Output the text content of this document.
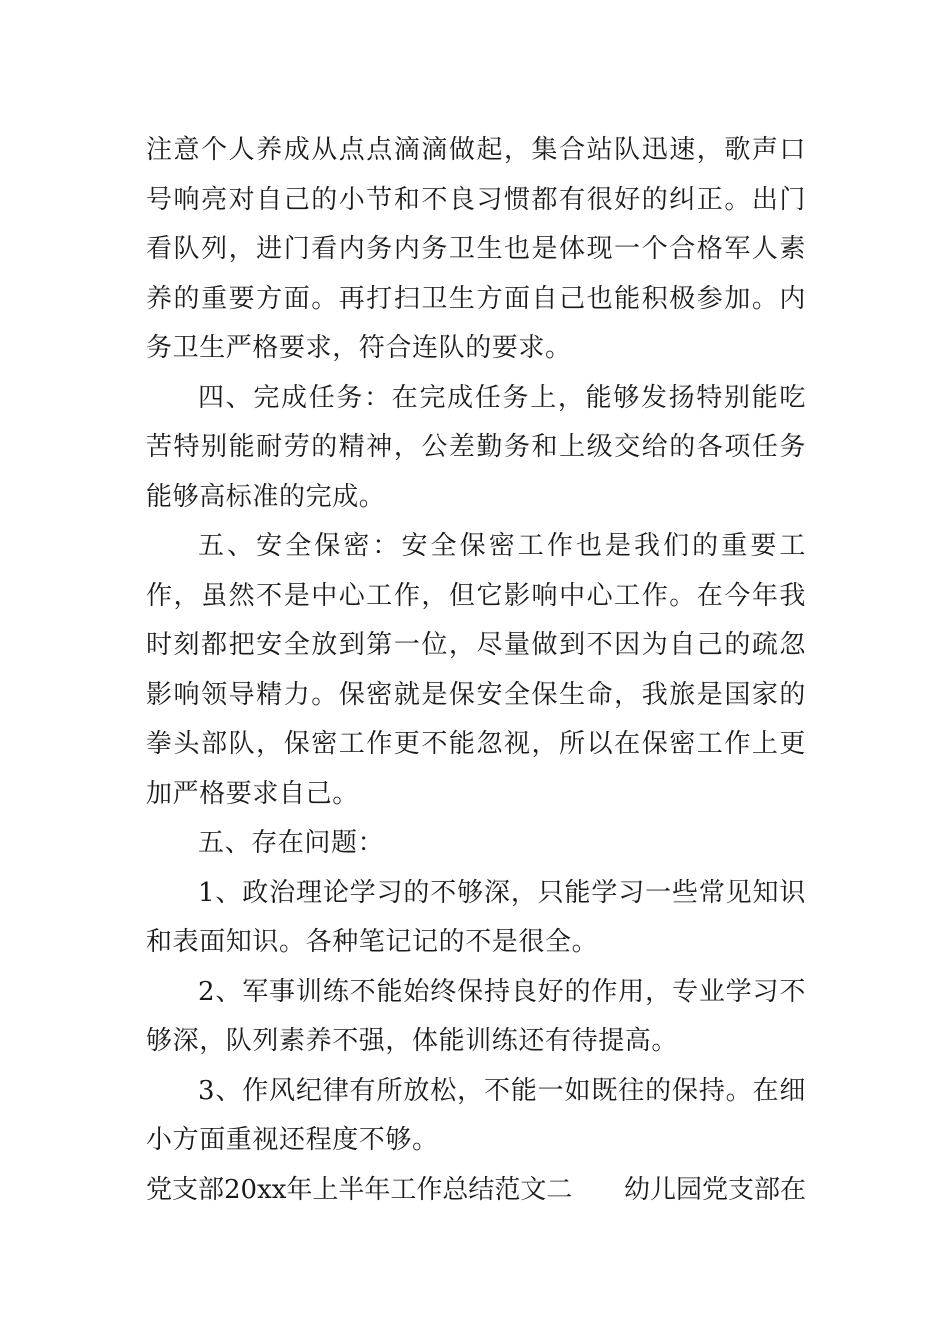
注意个人养成从点点滴滴做起，集合站队迅速，歌声口号响亮对自己的小节和不良习惯都有很好的纠正。出门看队列，进门看内务内务卫生也是体现一个合格军人素养的重要方面。再打扫卫生方面自己也能积极参加。内务卫生严格要求，符合连队的要求。

四、完成任务：在完成任务上，能够发扬特别能吃苦特别能耐劳的精神，公差勤务和上级交给的各项任务能够高标准的完成。

五、安全保密：安全保密工作也是我们的重要工作，虽然不是中心工作，但它影响中心工作。在今年我时刻都把安全放到第一位，尽量做到不因为自己的疏忽影响领导精力。保密就是保安全保生命，我旅是国家的拳头部队，保密工作更不能忽视，所以在保密工作上更加严格要求自己。

五、存在问题：

1、政治理论学习的不够深，只能学习一些常见知识和表面知识。各种笔记记的不是很全。

2、军事训练不能始终保持良好的作用，专业学习不够深，队列素养不强，体能训练还有待提高。

3、作风纪律有所放松，不能一如既往的保持。在细小方面重视还程度不够。

党支部20xx年上半年工作总结范文二 幼儿园党支部在
